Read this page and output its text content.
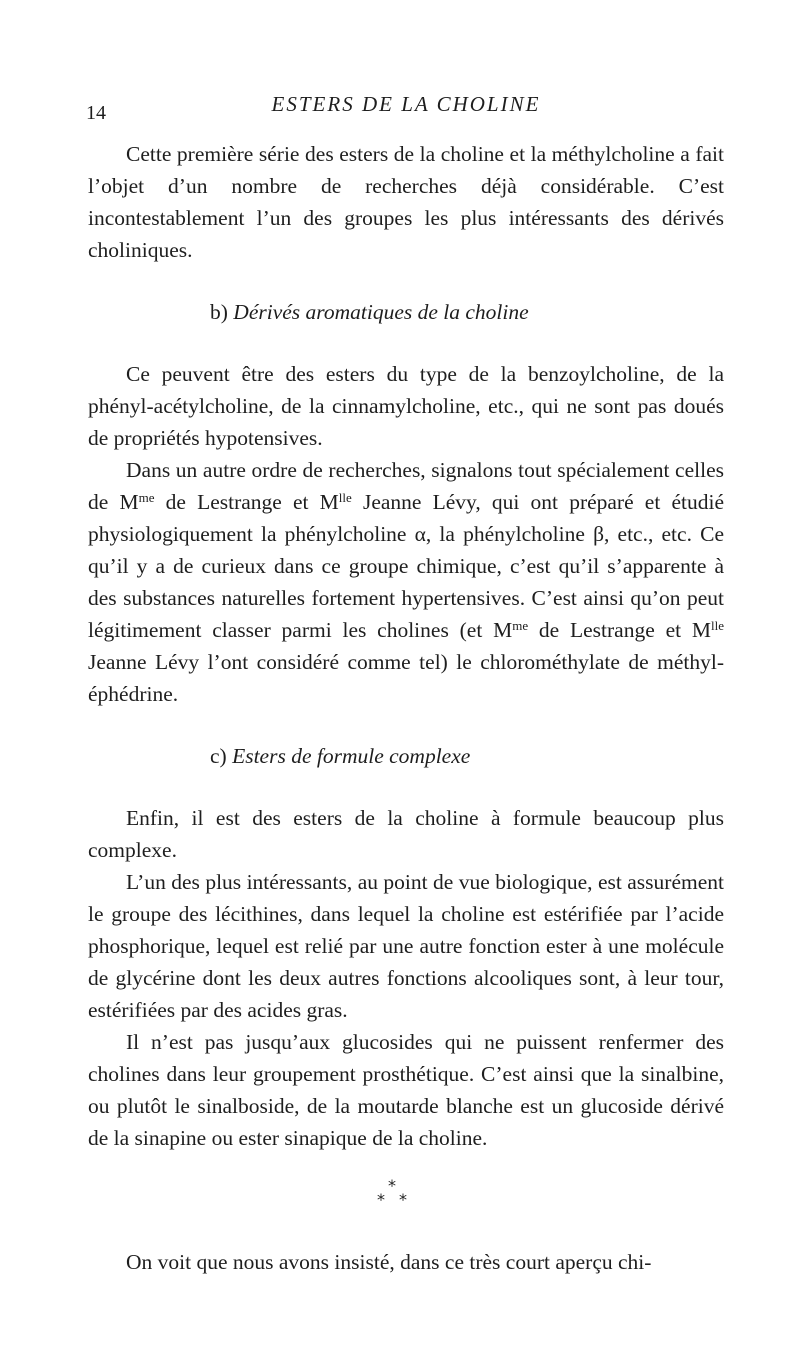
14	ESTERS DE LA CHOLINE

Cette première série des esters de la choline et la méthylcholine a fait l’objet d’un nombre de recherches déjà considérable. C’est incontestablement l’un des groupes les plus intéressants des dérivés choliniques.

b) Dérivés aromatiques de la choline

Ce peuvent être des esters du type de la benzoylcholine, de la phényl-acétylcholine, de la cinnamylcholine, etc., qui ne sont pas doués de propriétés hypotensives.

Dans un autre ordre de recherches, signalons tout spécialement celles de $M^{me}$ de Lestrange et $M^{lle}$ Jeanne Lévy, qui ont préparé et étudié physiologiquement la phénylcholine α, la phénylcholine β, etc., etc. Ce qu’il y a de curieux dans ce groupe chimique, c’est qu’il s’apparente à des substances naturelles fortement hypertensives. C’est ainsi qu’on peut légitimement classer parmi les cholines (et $M^{me}$ de Lestrange et $M^{lle}$ Jeanne Lévy l’ont considéré comme tel) le chlorométhylate de méthyl-éphédrine.

c) Esters de formule complexe

Enfin, il est des esters de la choline à formule beaucoup plus complexe.

L’un des plus intéressants, au point de vue biologique, est assurément le groupe des lécithines, dans lequel la choline est estérifiée par l’acide phosphorique, lequel est relié par une autre fonction ester à une molécule de glycérine dont les deux autres fonctions alcooliques sont, à leur tour, estérifiées par des acides gras.

Il n’est pas jusqu’aux glucosides qui ne puissent renfermer des cholines dans leur groupement prosthétique. C’est ainsi que la sinalbine, ou plutôt le sinalboside, de la moutarde blanche est un glucoside dérivé de la sinapine ou ester sinapique de la choline.

*
* *

On voit que nous avons insisté, dans ce très court aperçu chi-
